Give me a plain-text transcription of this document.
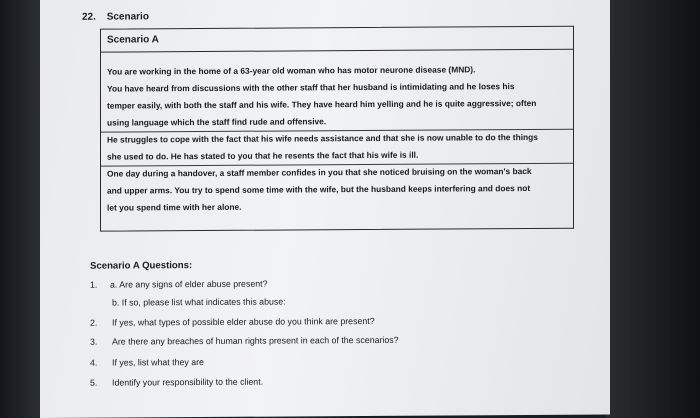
22. Scenario
Scenario A
You are working in the home of a 63-year old woman who has motor neurone disease (MND).
You have heard from discussions with the other staff that her husband is intimidating and he loses his
temper easily, with both the staff and his wife. They have heard him yelling and he is quite aggressive; often
using language which the staff find rude and offensive.
He struggles to cope with the fact that his wife needs assistance and that she is now unable to do the things
she used to do. He has stated to you that he resents the fact that his wife is ill.
One day during a handover, a staff member confides in you that she noticed bruising on the woman's back
and upper arms. You try to spend some time with the wife, but the husband keeps interfering and does not
let you spend time with her alone.
Scenario A Questions:
1. a. Are any signs of elder abuse present?
b. If so, please list what indicates this abuse:
2. If yes, what types of possible elder abuse do you think are present?
3. Are there any breaches of human rights present in each of the scenarios?
4. If yes, list what they are
5. Identify your responsibility to the client.
